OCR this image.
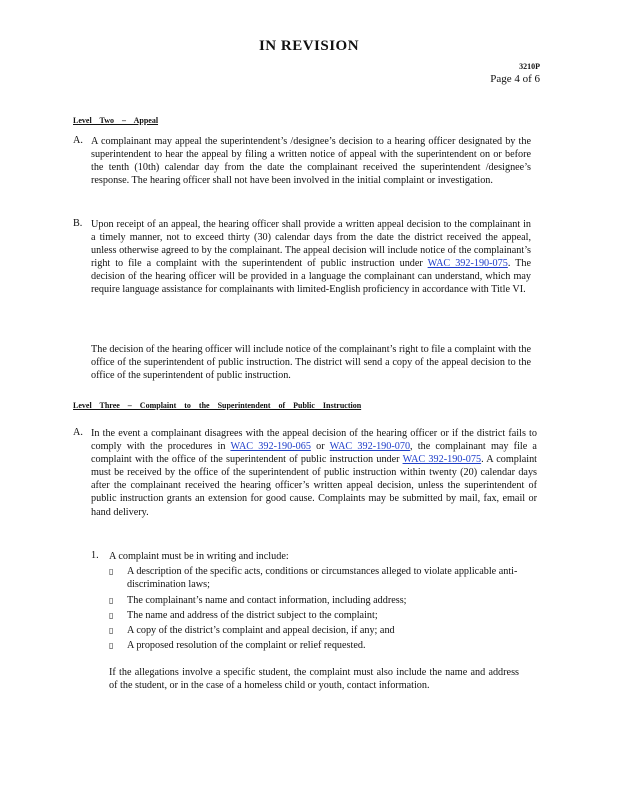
IN REVISION
3210P
Page 4 of 6
Level Two – Appeal
A. A complainant may appeal the superintendent’s /designee’s decision to a hearing officer designated by the superintendent to hear the appeal by filing a written notice of appeal with the superintendent on or before the tenth (10th) calendar day from the date the complainant received the superintendent /designee’s response. The hearing officer shall not have been involved in the initial complaint or investigation.
B. Upon receipt of an appeal, the hearing officer shall provide a written appeal decision to the complainant in a timely manner, not to exceed thirty (30) calendar days from the date the district received the appeal, unless otherwise agreed to by the complainant. The appeal decision will include notice of the complainant’s right to file a complaint with the superintendent of public instruction under WAC 392-190-075. The decision of the hearing officer will be provided in a language the complainant can understand, which may require language assistance for complainants with limited-English proficiency in accordance with Title VI.
The decision of the hearing officer will include notice of the complainant’s right to file a complaint with the office of the superintendent of public instruction. The district will send a copy of the appeal decision to the office of the superintendent of public instruction.
Level Three – Complaint to the Superintendent of Public Instruction
A. In the event a complainant disagrees with the appeal decision of the hearing officer or if the district fails to comply with the procedures in WAC 392-190-065 or WAC 392-190-070, the complainant may file a complaint with the office of the superintendent of public instruction under WAC 392-190-075. A complaint must be received by the office of the superintendent of public instruction within twenty (20) calendar days after the complainant received the hearing officer’s written appeal decision, unless the superintendent of public instruction grants an extension for good cause. Complaints may be submitted by mail, fax, email or hand delivery.
1. A complaint must be in writing and include:
▯ A description of the specific acts, conditions or circumstances alleged to violate applicable anti-discrimination laws;
▯ The complainant’s name and contact information, including address;
▯ The name and address of the district subject to the complaint;
▯ A copy of the district’s complaint and appeal decision, if any; and
▯ A proposed resolution of the complaint or relief requested.
If the allegations involve a specific student, the complaint must also include the name and address of the student, or in the case of a homeless child or youth, contact information.
